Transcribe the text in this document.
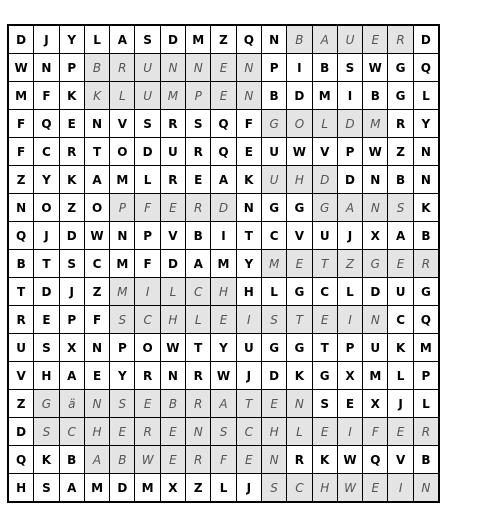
D	J	Y	L	A	S	D	M	Z	Q	N	B	A	U	E	R	D
W	N	P	B	R	U	N	N	E	N	P	I	B	S	W	G	Q
M	F	K	K	L	U	M	P	E	N	B	D	M	I	B	G	L
F	Q	E	N	V	S	R	S	Q	F	G	O	L	D	M	R	Y
F	C	R	T	O	D	U	R	Q	E	U	W	V	P	W	Z	N
Z	Y	K	A	M	L	R	E	A	K	U	H	D	D	N	B	N
N	O	Z	O	P	F	E	R	D	N	G	G	G	A	N	S	K
Q	J	D	W	N	P	V	B	I	T	C	V	U	J	X	A	B
B	T	S	C	M	F	D	A	M	Y	M	E	T	Z	G	E	R
T	D	J	Z	M	I	L	C	H	H	L	G	C	L	D	U	G
R	E	P	F	S	C	H	L	E	I	S	T	E	I	N	C	Q
U	S	X	N	P	O	W	T	Y	U	G	G	T	P	U	K	M
V	H	A	E	Y	R	N	R	W	J	D	K	G	X	M	L	P
Z	G	ä	N	S	E	B	R	A	T	E	N	S	E	X	J	L
D	S	C	H	E	R	E	N	S	C	H	L	E	I	F	E	R
Q	K	B	A	B	W	E	R	F	E	N	R	K	W	Q	V	B
H	S	A	M	D	M	X	Z	L	J	S	C	H	W	E	I	N
